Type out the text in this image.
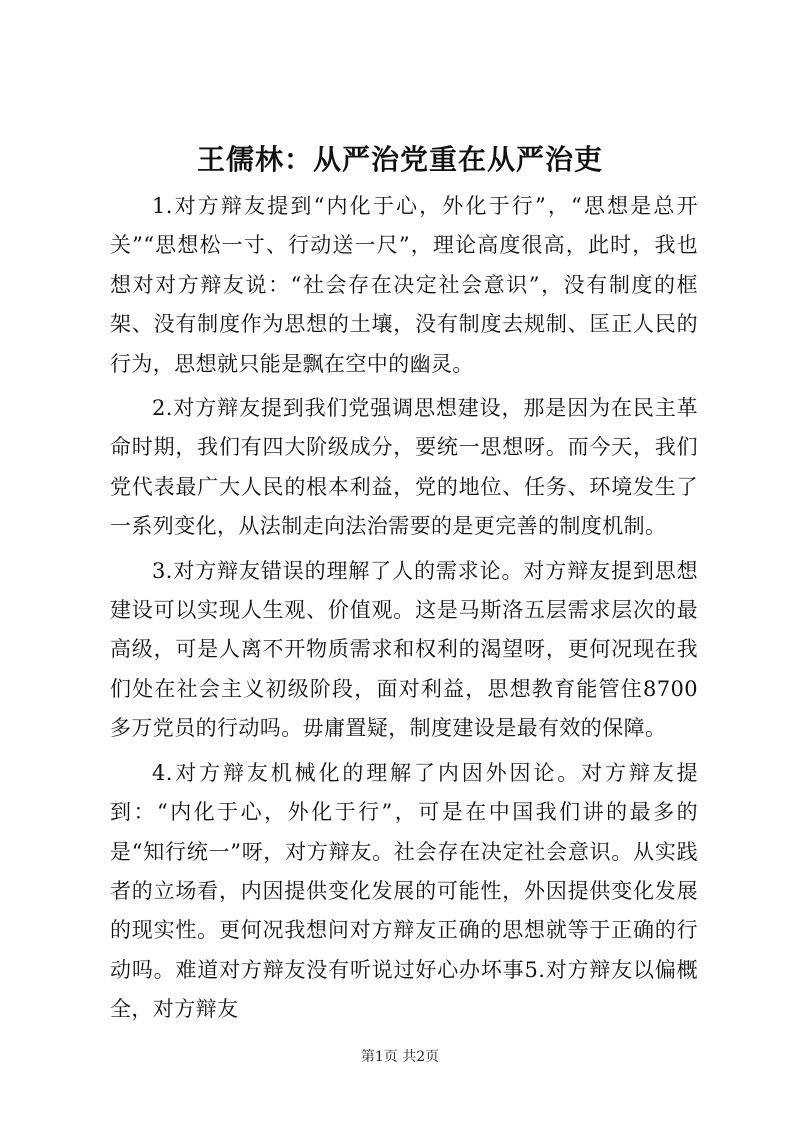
王儒林：从严治党重在从严治吏

1.对方辩友提到“内化于心，外化于行”，“思想是总开关”“思想松一寸、行动送一尺”，理论高度很高，此时，我也想对对方辩友说：“社会存在决定社会意识”，没有制度的框架、没有制度作为思想的土壤，没有制度去规制、匡正人民的行为，思想就只能是飘在空中的幽灵。

2.对方辩友提到我们党强调思想建设，那是因为在民主革命时期，我们有四大阶级成分，要统一思想呀。而今天，我们党代表最广大人民的根本利益，党的地位、任务、环境发生了一系列变化，从法制走向法治需要的是更完善的制度机制。

3.对方辩友错误的理解了人的需求论。对方辩友提到思想建设可以实现人生观、价值观。这是马斯洛五层需求层次的最高级，可是人离不开物质需求和权利的渴望呀，更何况现在我们处在社会主义初级阶段，面对利益，思想教育能管住8700多万党员的行动吗。毋庸置疑，制度建设是最有效的保障。

4.对方辩友机械化的理解了内因外因论。对方辩友提到：“内化于心，外化于行”，可是在中国我们讲的最多的是“知行统一”呀，对方辩友。社会存在决定社会意识。从实践者的立场看，内因提供变化发展的可能性，外因提供变化发展的现实性。更何况我想问对方辩友正确的思想就等于正确的行动吗。难道对方辩友没有听说过好心办坏事5.对方辩友以偏概全，对方辩友

第1页 共2页
